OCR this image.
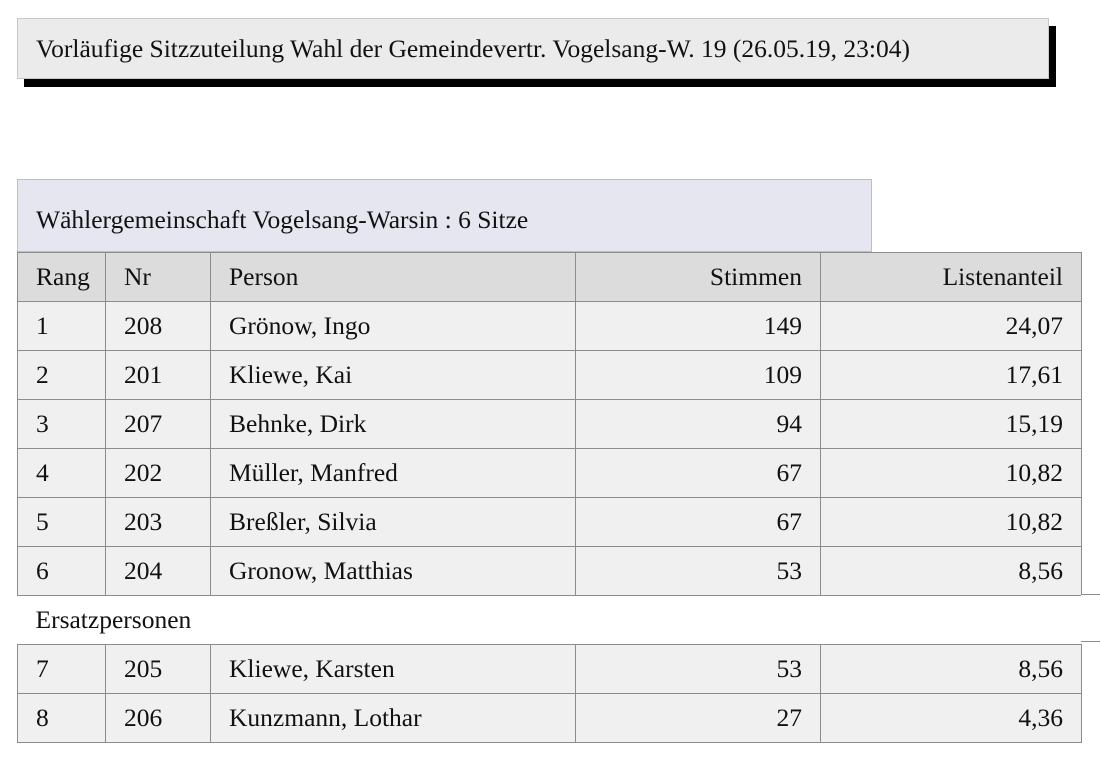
Vorläufige Sitzzuteilung Wahl der Gemeindevertr. Vogelsang-W. 19 (26.05.19, 23:04)
Wählergemeinschaft Vogelsang-Warsin : 6 Sitze
Rang	Nr	Person	Stimmen	Listenanteil
1	208	Grönow, Ingo	149	24,07
2	201	Kliewe, Kai	109	17,61
3	207	Behnke, Dirk	94	15,19
4	202	Müller, Manfred	67	10,82
5	203	Breßler, Silvia	67	10,82
6	204	Gronow, Matthias	53	8,56
Ersatzpersonen				
7	205	Kliewe, Karsten	53	8,56
8	206	Kunzmann, Lothar	27	4,36
